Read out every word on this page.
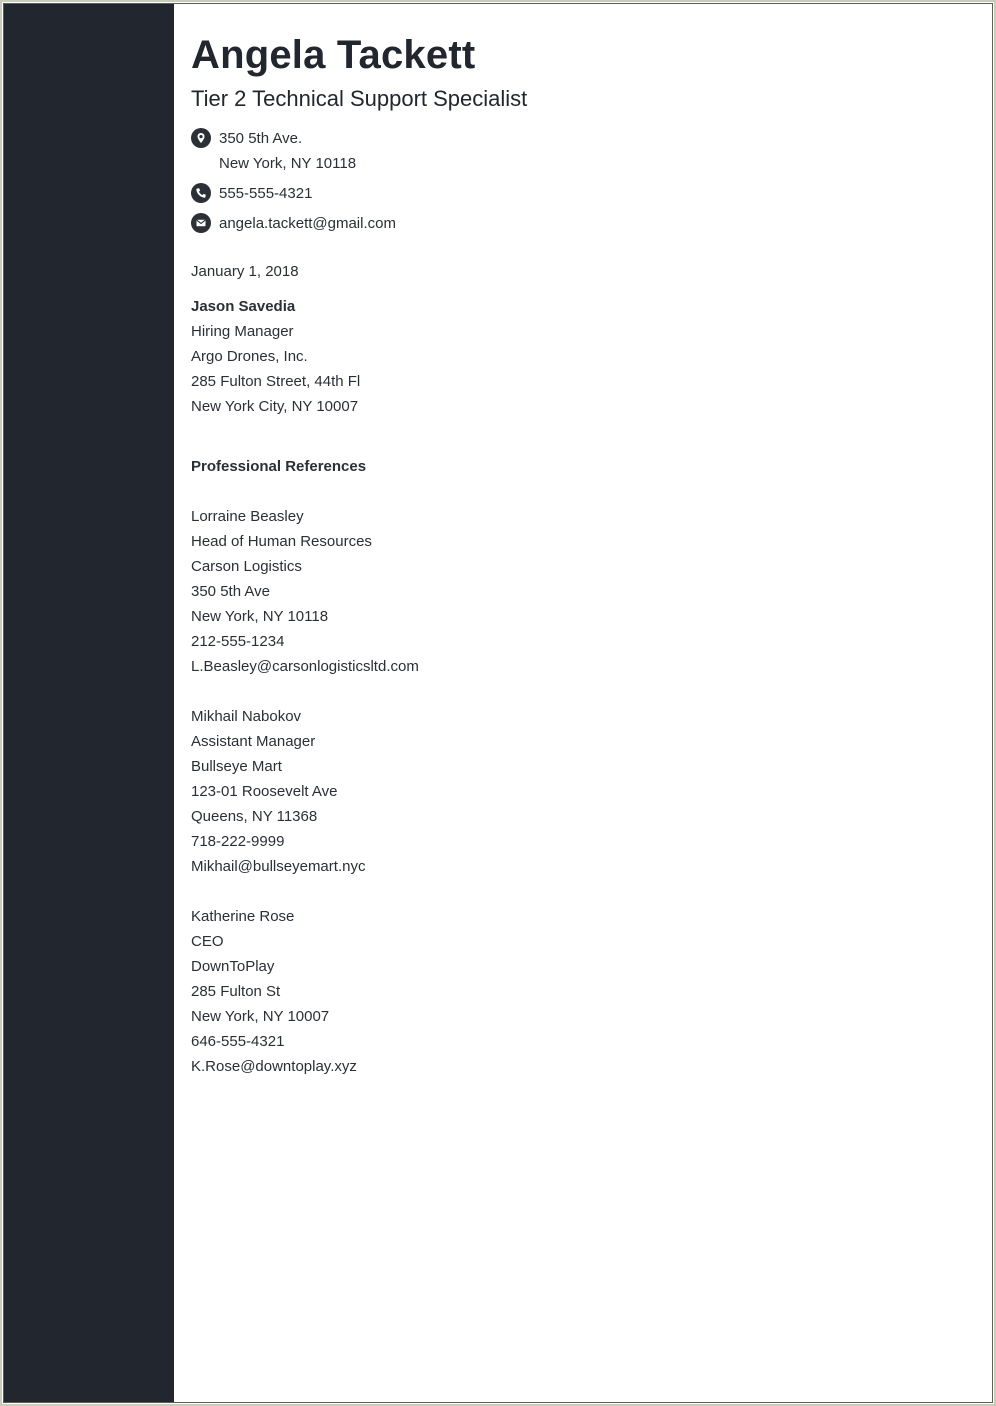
Angela Tackett
Tier 2 Technical Support Specialist
350 5th Ave.
New York, NY 10118
555-555-4321
angela.tackett@gmail.com
January 1, 2018
Jason Savedia
Hiring Manager
Argo Drones, Inc.
285 Fulton Street, 44th Fl
New York City, NY 10007
Professional References
Lorraine Beasley
Head of Human Resources
Carson Logistics
350 5th Ave
New York, NY 10118
212-555-1234
L.Beasley@carsonlogisticsltd.com
Mikhail Nabokov
Assistant Manager
Bullseye Mart
123-01 Roosevelt Ave
Queens, NY 11368
718-222-9999
Mikhail@bullseyemart.nyc
Katherine Rose
CEO
DownToPlay
285 Fulton St
New York, NY 10007
646-555-4321
K.Rose@downtoplay.xyz
